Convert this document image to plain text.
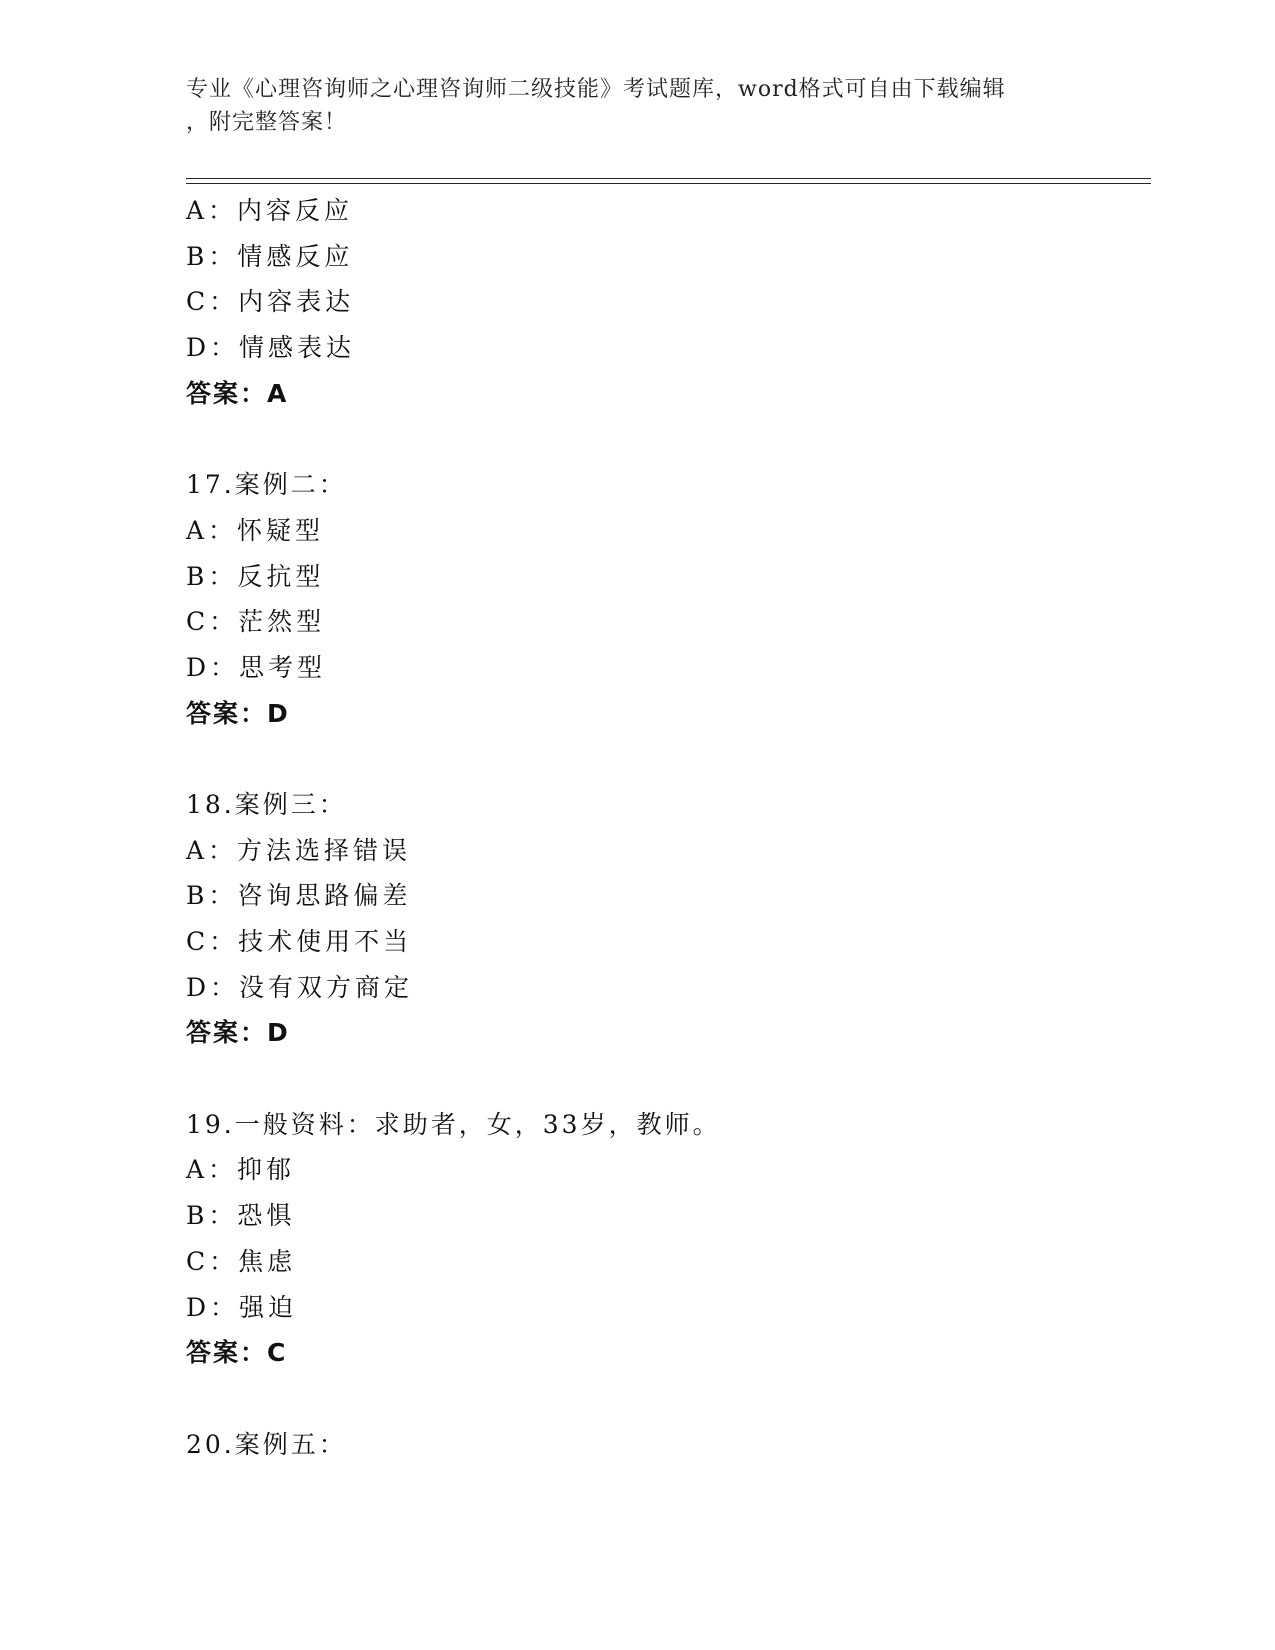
专业《心理咨询师之心理咨询师二级技能》考试题库，word格式可自由下载编辑
，附完整答案！
A：内容反应
B：情感反应
C：内容表达
D：情感表达
答案：A
17.案例二：
A：怀疑型
B：反抗型
C：茫然型
D：思考型
答案：D
18.案例三：
A：方法选择错误
B：咨询思路偏差
C：技术使用不当
D：没有双方商定
答案：D
19.一般资料：求助者，女，33岁，教师。
A：抑郁
B：恐惧
C：焦虑
D：强迫
答案：C
20.案例五：
